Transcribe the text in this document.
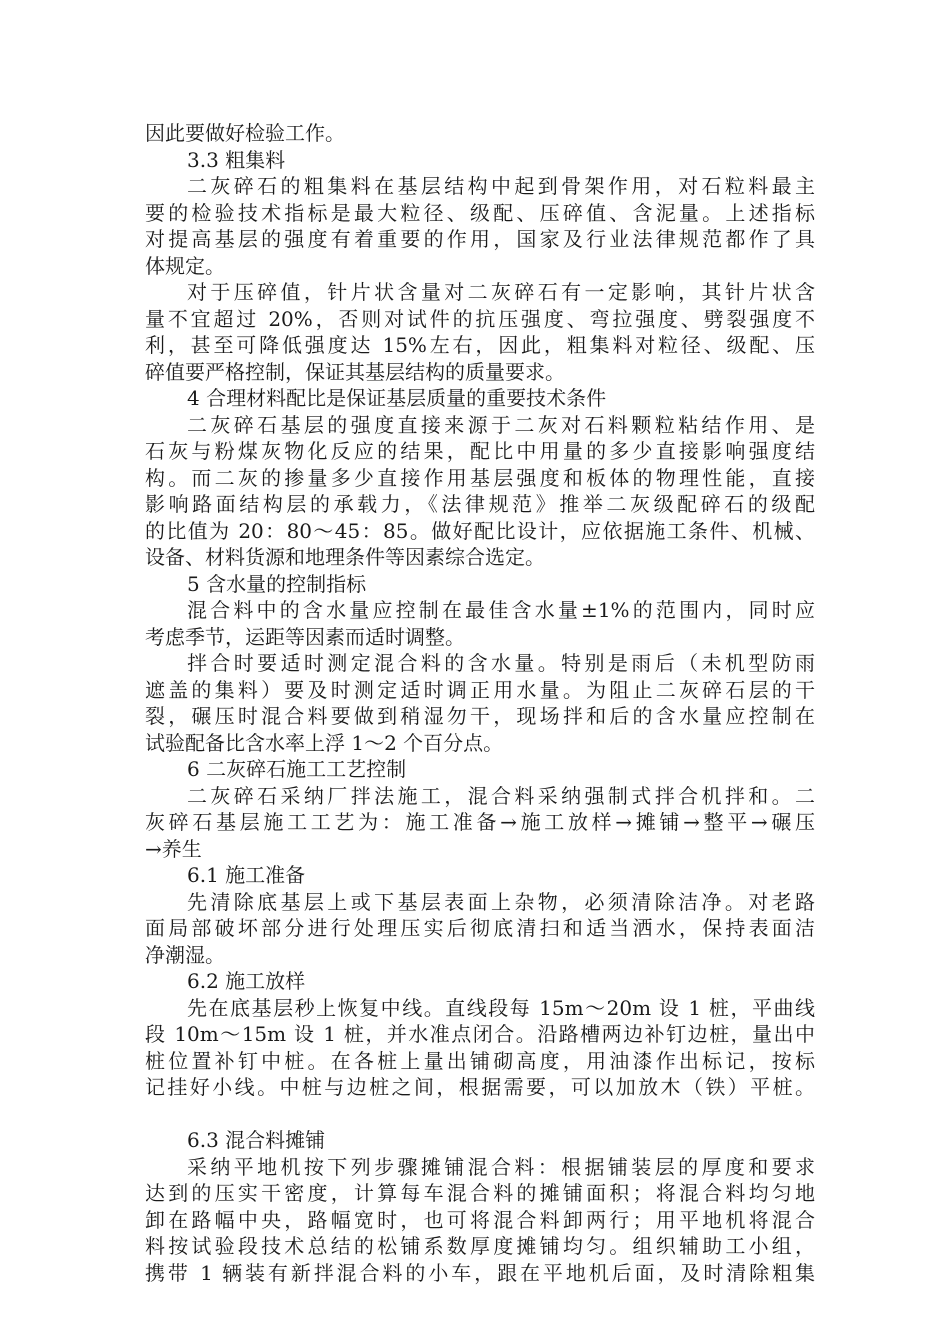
因此要做好检验工作。
3.3 粗集料
二灰碎石的粗集料在基层结构中起到骨架作用，对石粒料最主
要的检验技术指标是最大粒径、级配、压碎值、含泥量。上述指标
对提高基层的强度有着重要的作用，国家及行业法律规范都作了具
体规定。
对于压碎值，针片状含量对二灰碎石有一定影响，其针片状含
量不宜超过 20%，否则对试件的抗压强度、弯拉强度、劈裂强度不
利，甚至可降低强度达 15%左右，因此，粗集料对粒径、级配、压
碎值要严格控制，保证其基层结构的质量要求。
4 合理材料配比是保证基层质量的重要技术条件
二灰碎石基层的强度直接来源于二灰对石料颗粒粘结作用、是
石灰与粉煤灰物化反应的结果，配比中用量的多少直接影响强度结
构。而二灰的掺量多少直接作用基层强度和板体的物理性能，直接
影响路面结构层的承载力，《法律规范》推举二灰级配碎石的级配
的比值为 20：80～45：85。做好配比设计，应依据施工条件、机械、
设备、材料货源和地理条件等因素综合选定。
5 含水量的控制指标
混合料中的含水量应控制在最佳含水量±1%的范围内，同时应
考虑季节，运距等因素而适时调整。
拌合时要适时测定混合料的含水量。特别是雨后（未机型防雨
遮盖的集料）要及时测定适时调正用水量。为阻止二灰碎石层的干
裂，碾压时混合料要做到稍湿勿干，现场拌和后的含水量应控制在
试验配备比含水率上浮 1～2 个百分点。
6 二灰碎石施工工艺控制
二灰碎石采纳厂拌法施工，混合料采纳强制式拌合机拌和。二
灰碎石基层施工工艺为：施工准备→施工放样→摊铺→整平→碾压
→养生
6.1 施工准备
先清除底基层上或下基层表面上杂物，必须清除洁净。对老路
面局部破坏部分进行处理压实后彻底清扫和适当洒水，保持表面洁
净潮湿。
6.2 施工放样
先在底基层秒上恢复中线。直线段每 15m～20m 设 1 桩，平曲线
段 10m～15m 设 1 桩，并水准点闭合。沿路槽两边补钉边桩，量出中
桩位置补钉中桩。在各桩上量出铺砌高度，用油漆作出标记，按标
记挂好小线。中桩与边桩之间，根据需要，可以加放木（铁）平桩。
6.3 混合料摊铺
采纳平地机按下列步骤摊铺混合料：根据铺装层的厚度和要求
达到的压实干密度，计算每车混合料的摊铺面积；将混合料均匀地
卸在路幅中央，路幅宽时，也可将混合料卸两行；用平地机将混合
料按试验段技术总结的松铺系数厚度摊铺均匀。组织辅助工小组，
携带 1 辆装有新拌混合料的小车，跟在平地机后面，及时清除粗集
